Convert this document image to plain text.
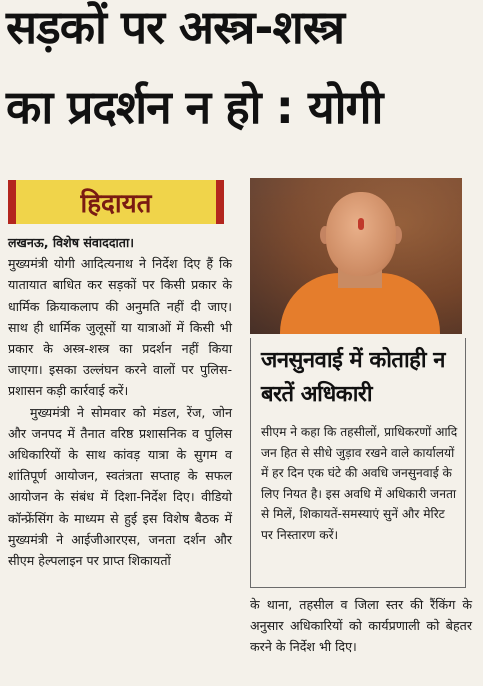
सड़कों पर अस्त्र-शस्त्र
का प्रदर्शन न हो : योगी
हिदायत

लखनऊ, विशेष संवाददाता।

मुख्यमंत्री योगी आदित्यनाथ ने निर्देश दिए हैं कि यातायात बाधित कर सड़कों पर किसी प्रकार के धार्मिक क्रियाकलाप की अनुमति नहीं दी जाए। साथ ही धार्मिक जुलूसों या यात्राओं में किसी भी प्रकार के अस्त्र-शस्त्र का प्रदर्शन नहीं किया जाएगा। इसका उल्लंघन करने वालों पर पुलिस-प्रशासन कड़ी कार्रवाई करें।

मुख्यमंत्री ने सोमवार को मंडल, रेंज, जोन और जनपद में तैनात वरिष्ठ प्रशासनिक व पुलिस अधिकारियों के साथ कांवड़ यात्रा के सुगम व शांतिपूर्ण आयोजन, स्वतंत्रता सप्ताह के सफल आयोजन के संबंध में दिशा-निर्देश दिए। वीडियो कॉन्फ्रेंसिंग के माध्यम से हुई इस विशेष बैठक में मुख्यमंत्री ने आईजीआरएस, जनता दर्शन और सीएम हेल्पलाइन पर प्राप्त शिकायतों

जनसुनवाई में कोताही न बरतें अधिकारी
सीएम ने कहा कि तहसीलों, प्राधिकरणों आदि जन हित से सीधे जुड़ाव रखने वाले कार्यालयों में हर दिन एक घंटे की अवधि जनसुनवाई के लिए नियत है। इस अवधि में अधिकारी जनता से मिलें, शिकायतें-समस्याएं सुनें और मेरिट पर निस्तारण करें।

के थाना, तहसील व जिला स्तर की रैंकिंग के अनुसार अधिकारियों को कार्यप्रणाली को बेहतर करने के निर्देश भी दिए।
